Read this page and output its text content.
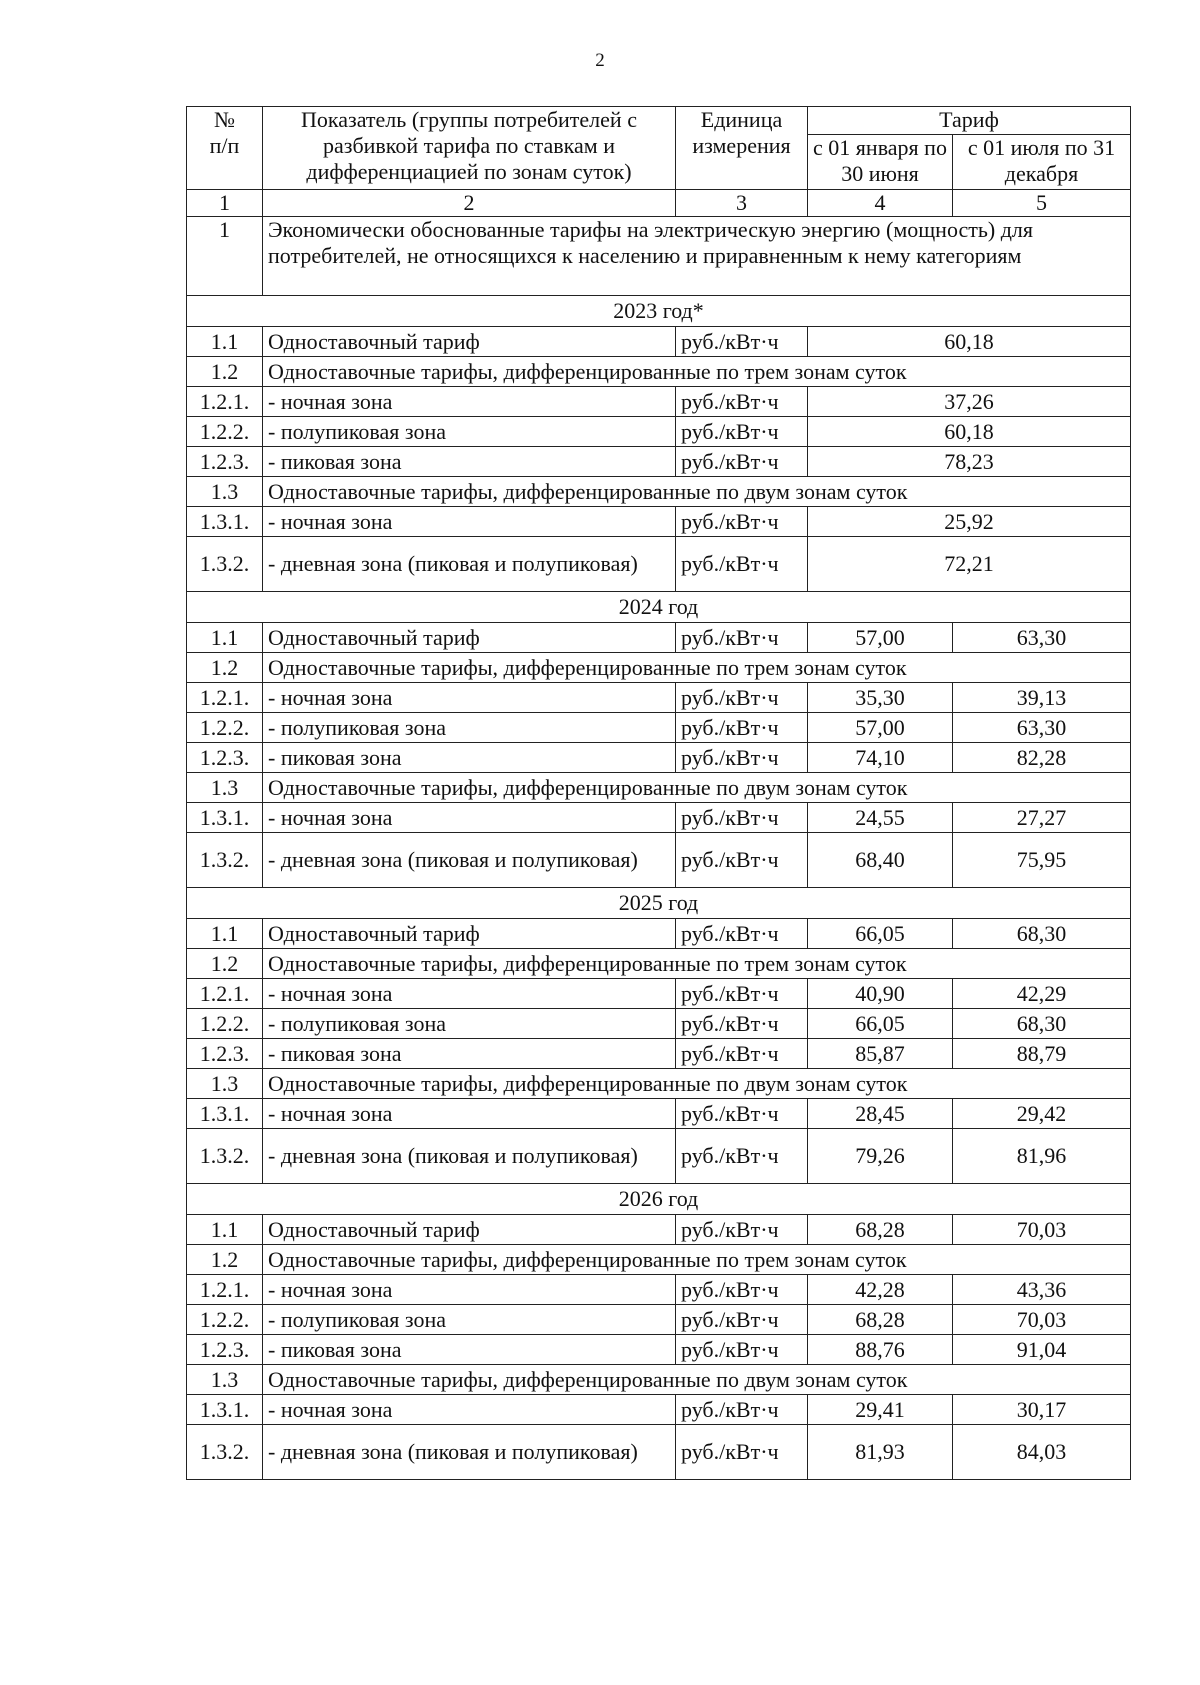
2
№
п/п	Показатель (группы потребителей с разбивкой тарифа по ставкам и дифференциацией по зонам суток)	Единица измерения	Тариф	
			с 01 января по 30 июня	с 01 июля по 31 декабря
1	2	3	4	5
1	Экономически обоснованные тарифы на электрическую энергию (мощность) для потребителей, не относящихся к населению и приравненным к нему категориям			
2023 год*				
1.1	Одноставочный тариф	руб./кВт·ч	60,18	
1.2	Одноставочные тарифы, дифференцированные по трем зонам суток			
1.2.1.	- ночная зона	руб./кВт·ч	37,26	
1.2.2.	- полупиковая зона	руб./кВт·ч	60,18	
1.2.3.	- пиковая зона	руб./кВт·ч	78,23	
1.3	Одноставочные тарифы, дифференцированные по двум зонам суток			
1.3.1.	- ночная зона	руб./кВт·ч	25,92	
1.3.2.	- дневная зона (пиковая и полупиковая)	руб./кВт·ч	72,21	
2024 год				
1.1	Одноставочный тариф	руб./кВт·ч	57,00	63,30
1.2	Одноставочные тарифы, дифференцированные по трем зонам суток			
1.2.1.	- ночная зона	руб./кВт·ч	35,30	39,13
1.2.2.	- полупиковая зона	руб./кВт·ч	57,00	63,30
1.2.3.	- пиковая зона	руб./кВт·ч	74,10	82,28
1.3	Одноставочные тарифы, дифференцированные по двум зонам суток			
1.3.1.	- ночная зона	руб./кВт·ч	24,55	27,27
1.3.2.	- дневная зона (пиковая и полупиковая)	руб./кВт·ч	68,40	75,95
2025 год				
1.1	Одноставочный тариф	руб./кВт·ч	66,05	68,30
1.2	Одноставочные тарифы, дифференцированные по трем зонам суток			
1.2.1.	- ночная зона	руб./кВт·ч	40,90	42,29
1.2.2.	- полупиковая зона	руб./кВт·ч	66,05	68,30
1.2.3.	- пиковая зона	руб./кВт·ч	85,87	88,79
1.3	Одноставочные тарифы, дифференцированные по двум зонам суток			
1.3.1.	- ночная зона	руб./кВт·ч	28,45	29,42
1.3.2.	- дневная зона (пиковая и полупиковая)	руб./кВт·ч	79,26	81,96
2026 год				
1.1	Одноставочный тариф	руб./кВт·ч	68,28	70,03
1.2	Одноставочные тарифы, дифференцированные по трем зонам суток			
1.2.1.	- ночная зона	руб./кВт·ч	42,28	43,36
1.2.2.	- полупиковая зона	руб./кВт·ч	68,28	70,03
1.2.3.	- пиковая зона	руб./кВт·ч	88,76	91,04
1.3	Одноставочные тарифы, дифференцированные по двум зонам суток			
1.3.1.	- ночная зона	руб./кВт·ч	29,41	30,17
1.3.2.	- дневная зона (пиковая и полупиковая)	руб./кВт·ч	81,93	84,03
